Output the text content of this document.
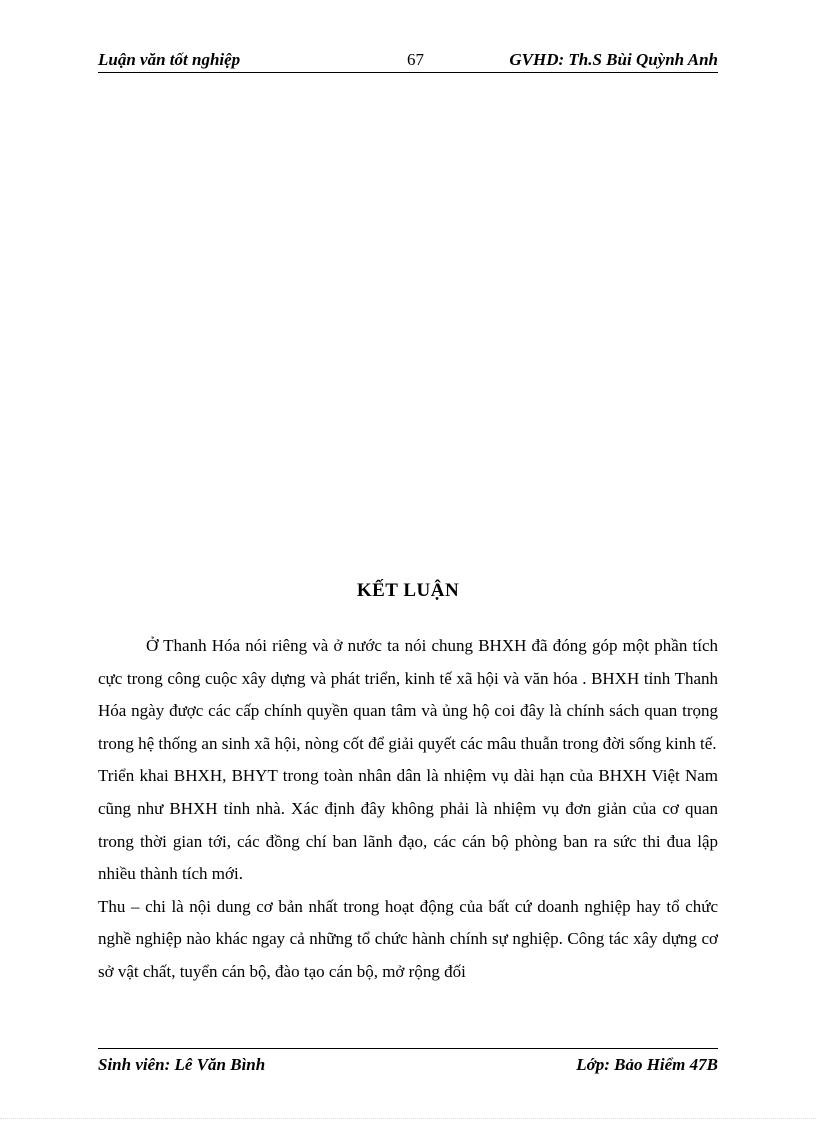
Luận văn tốt nghiệp	67	GVHD: Th.S Bùi Quỳnh Anh
KẾT LUẬN

Ở Thanh Hóa nói riêng và ở nước ta nói chung BHXH đã đóng góp một phần tích cực trong công cuộc xây dựng và phát triển, kinh tế xã hội và văn hóa . BHXH tỉnh Thanh Hóa ngày được các cấp chính quyền quan tâm và ủng hộ coi đây là chính sách quan trọng trong hệ thống an sinh xã hội, nòng cốt để giải quyết các mâu thuẫn trong đời sống kinh tế.

Triển khai BHXH, BHYT trong toàn nhân dân là nhiệm vụ dài hạn của BHXH Việt Nam cũng như BHXH tỉnh nhà. Xác định đây không phải là nhiệm vụ đơn giản của cơ quan trong thời gian tới, các đồng chí ban lãnh đạo, các cán bộ phòng ban ra sức thi đua lập nhiều thành tích mới.

Thu – chi là nội dung cơ bản nhất trong hoạt động của bất cứ doanh nghiệp hay tổ chức nghề nghiệp nào khác ngay cả những tổ chức hành chính sự nghiệp. Công tác xây dựng cơ sở vật chất, tuyển cán bộ, đào tạo cán bộ, mở rộng đối

Sinh viên: Lê Văn Bình	Lớp: Bảo Hiểm 47B
